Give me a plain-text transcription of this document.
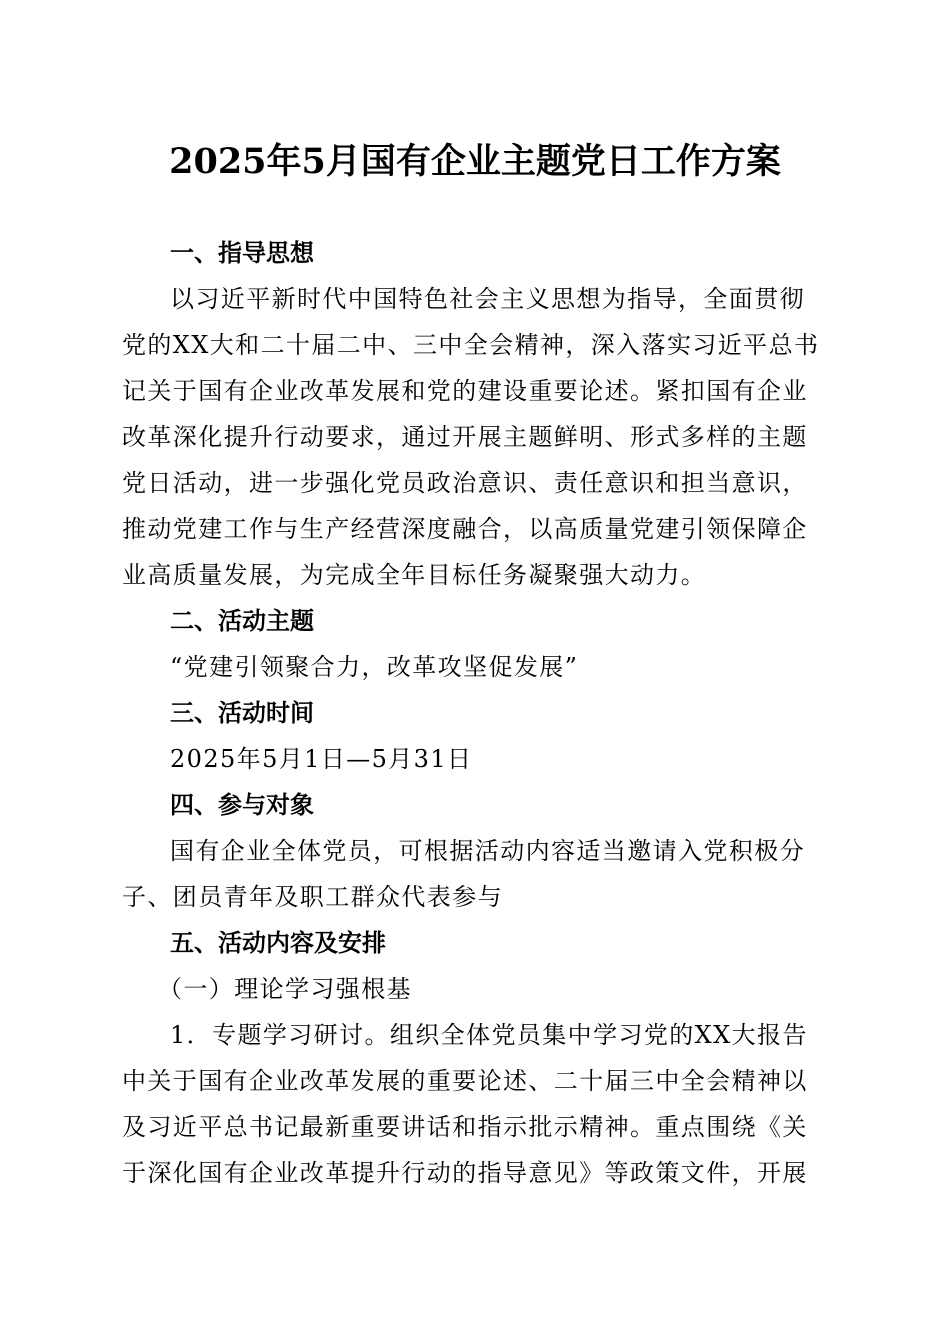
2025年5月国有企业主题党日工作方案
一、指导思想
以习近平新时代中国特色社会主义思想为指导，全面贯彻
党的XX大和二十届二中、三中全会精神，深入落实习近平总书
记关于国有企业改革发展和党的建设重要论述。紧扣国有企业
改革深化提升行动要求，通过开展主题鲜明、形式多样的主题
党日活动，进一步强化党员政治意识、责任意识和担当意识，
推动党建工作与生产经营深度融合，以高质量党建引领保障企
业高质量发展，为完成全年目标任务凝聚强大动力。
二、活动主题
“党建引领聚合力，改革攻坚促发展”
三、活动时间
2025年5月1日—5月31日
四、参与对象
国有企业全体党员，可根据活动内容适当邀请入党积极分
子、团员青年及职工群众代表参与
五、活动内容及安排
（一）理论学习强根基
1．专题学习研讨。组织全体党员集中学习党的XX大报告
中关于国有企业改革发展的重要论述、二十届三中全会精神以
及习近平总书记最新重要讲话和指示批示精神。重点围绕《关
于深化国有企业改革提升行动的指导意见》等政策文件，开展
